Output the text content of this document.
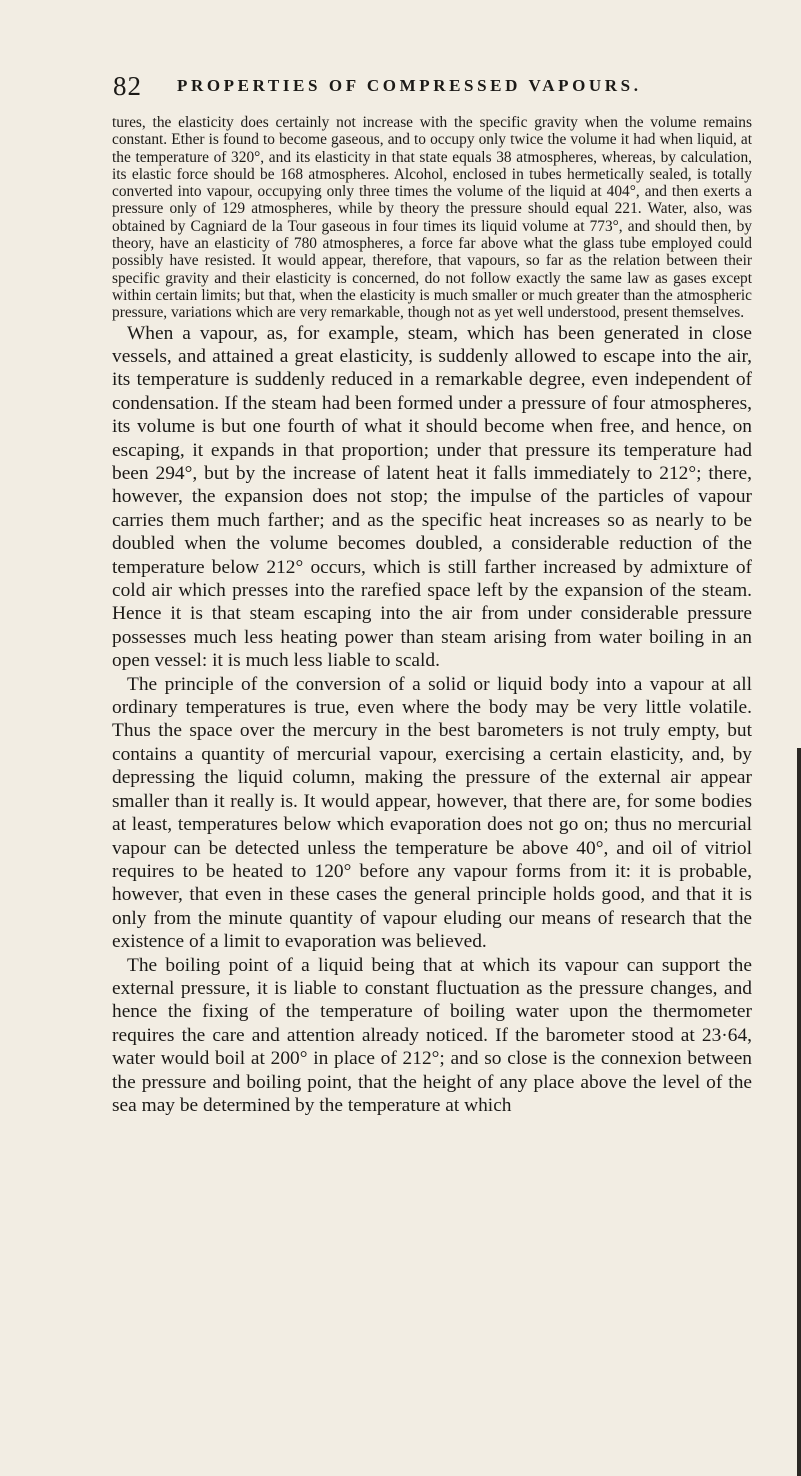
82 PROPERTIES OF COMPRESSED VAPOURS.

tures, the elasticity does certainly not increase with the specific gravity when the volume remains constant. Ether is found to become gaseous, and to occupy only twice the volume it had when liquid, at the temperature of 320°, and its elasticity in that state equals 38 atmospheres, whereas, by calculation, its elastic force should be 168 atmospheres. Alcohol, enclosed in tubes hermetically sealed, is totally converted into vapour, occupying only three times the volume of the liquid at 404°, and then exerts a pressure only of 129 atmospheres, while by theory the pressure should equal 221. Water, also, was obtained by Cagniard de la Tour gaseous in four times its liquid volume at 773°, and should then, by theory, have an elasticity of 780 atmospheres, a force far above what the glass tube employed could possibly have resisted. It would appear, therefore, that vapours, so far as the relation between their specific gravity and their elasticity is concerned, do not follow exactly the same law as gases except within certain limits; but that, when the elasticity is much smaller or much greater than the atmospheric pressure, variations which are very remarkable, though not as yet well understood, present themselves.

When a vapour, as, for example, steam, which has been generated in close vessels, and attained a great elasticity, is suddenly allowed to escape into the air, its temperature is suddenly reduced in a remarkable degree, even independent of condensation. If the steam had been formed under a pressure of four atmospheres, its volume is but one fourth of what it should become when free, and hence, on escaping, it expands in that proportion; under that pressure its temperature had been 294°, but by the increase of latent heat it falls immediately to 212°; there, however, the expansion does not stop; the impulse of the particles of vapour carries them much farther; and as the specific heat increases so as nearly to be doubled when the volume becomes doubled, a considerable reduction of the temperature below 212° occurs, which is still farther increased by admixture of cold air which presses into the rarefied space left by the expansion of the steam. Hence it is that steam escaping into the air from under considerable pressure possesses much less heating power than steam arising from water boiling in an open vessel: it is much less liable to scald.

The principle of the conversion of a solid or liquid body into a vapour at all ordinary temperatures is true, even where the body may be very little volatile. Thus the space over the mercury in the best barometers is not truly empty, but contains a quantity of mercurial vapour, exercising a certain elasticity, and, by depressing the liquid column, making the pressure of the external air appear smaller than it really is. It would appear, however, that there are, for some bodies at least, temperatures below which evaporation does not go on; thus no mercurial vapour can be detected unless the temperature be above 40°, and oil of vitriol requires to be heated to 120° before any vapour forms from it: it is probable, however, that even in these cases the general principle holds good, and that it is only from the minute quantity of vapour eluding our means of research that the existence of a limit to evaporation was believed.

The boiling point of a liquid being that at which its vapour can support the external pressure, it is liable to constant fluctuation as the pressure changes, and hence the fixing of the temperature of boiling water upon the thermometer requires the care and attention already noticed. If the barometer stood at 23·64, water would boil at 200° in place of 212°; and so close is the connexion between the pressure and boiling point, that the height of any place above the level of the sea may be determined by the temperature at which
